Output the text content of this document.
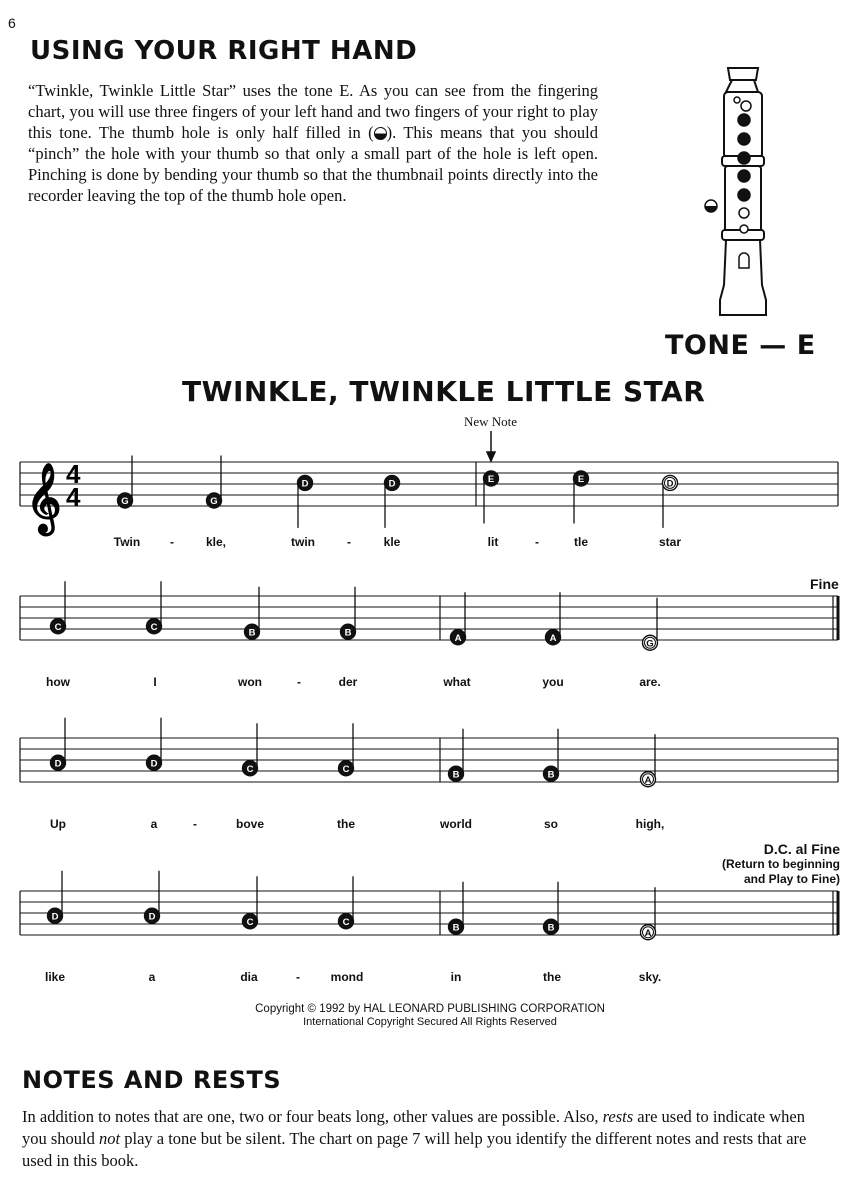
6
USING YOUR RIGHT HAND
“Twinkle, Twinkle Little Star” uses the tone E. As you can see from the fingering chart, you will use three fingers of your left hand and two fingers of your right to play this tone. The thumb hole is only half filled in ( ). This means that you should “pinch” the hole with your thumb so that only a small part of the hole is left open. Pinching is done by bending your thumb so that the thumbnail points directly into the recorder leaving the top of the thumb hole open.
TONE — E
TWINKLE, TWINKLE LITTLE STAR
New Note
Fine
D.C. al Fine
(Return to beginning
and Play to Fine)
𝄞 4
4	G	G
D	D	E	E	D
C	C	B	B	A	A	G
D	D	C	C	B	B	A
D	D	C	C	B	B	A
Twin -	kle,	twin	-	kle	lit	-	tle	star
how	I	won	-	der	what	you	are.
Up	a	-	bove	the	world	so	high,
like	a	dia	-	mond	in	the	sky.
Copyright © 1992 by HAL LEONARD PUBLISHING CORPORATION
International Copyright Secured All Rights Reserved
NOTES AND RESTS
In addition to notes that are one, two or four beats long, other values are possible. Also, rests are used to indicate when you should not play a tone but be silent. The chart on page 7 will help you identify the different notes and rests that are used in this book.
